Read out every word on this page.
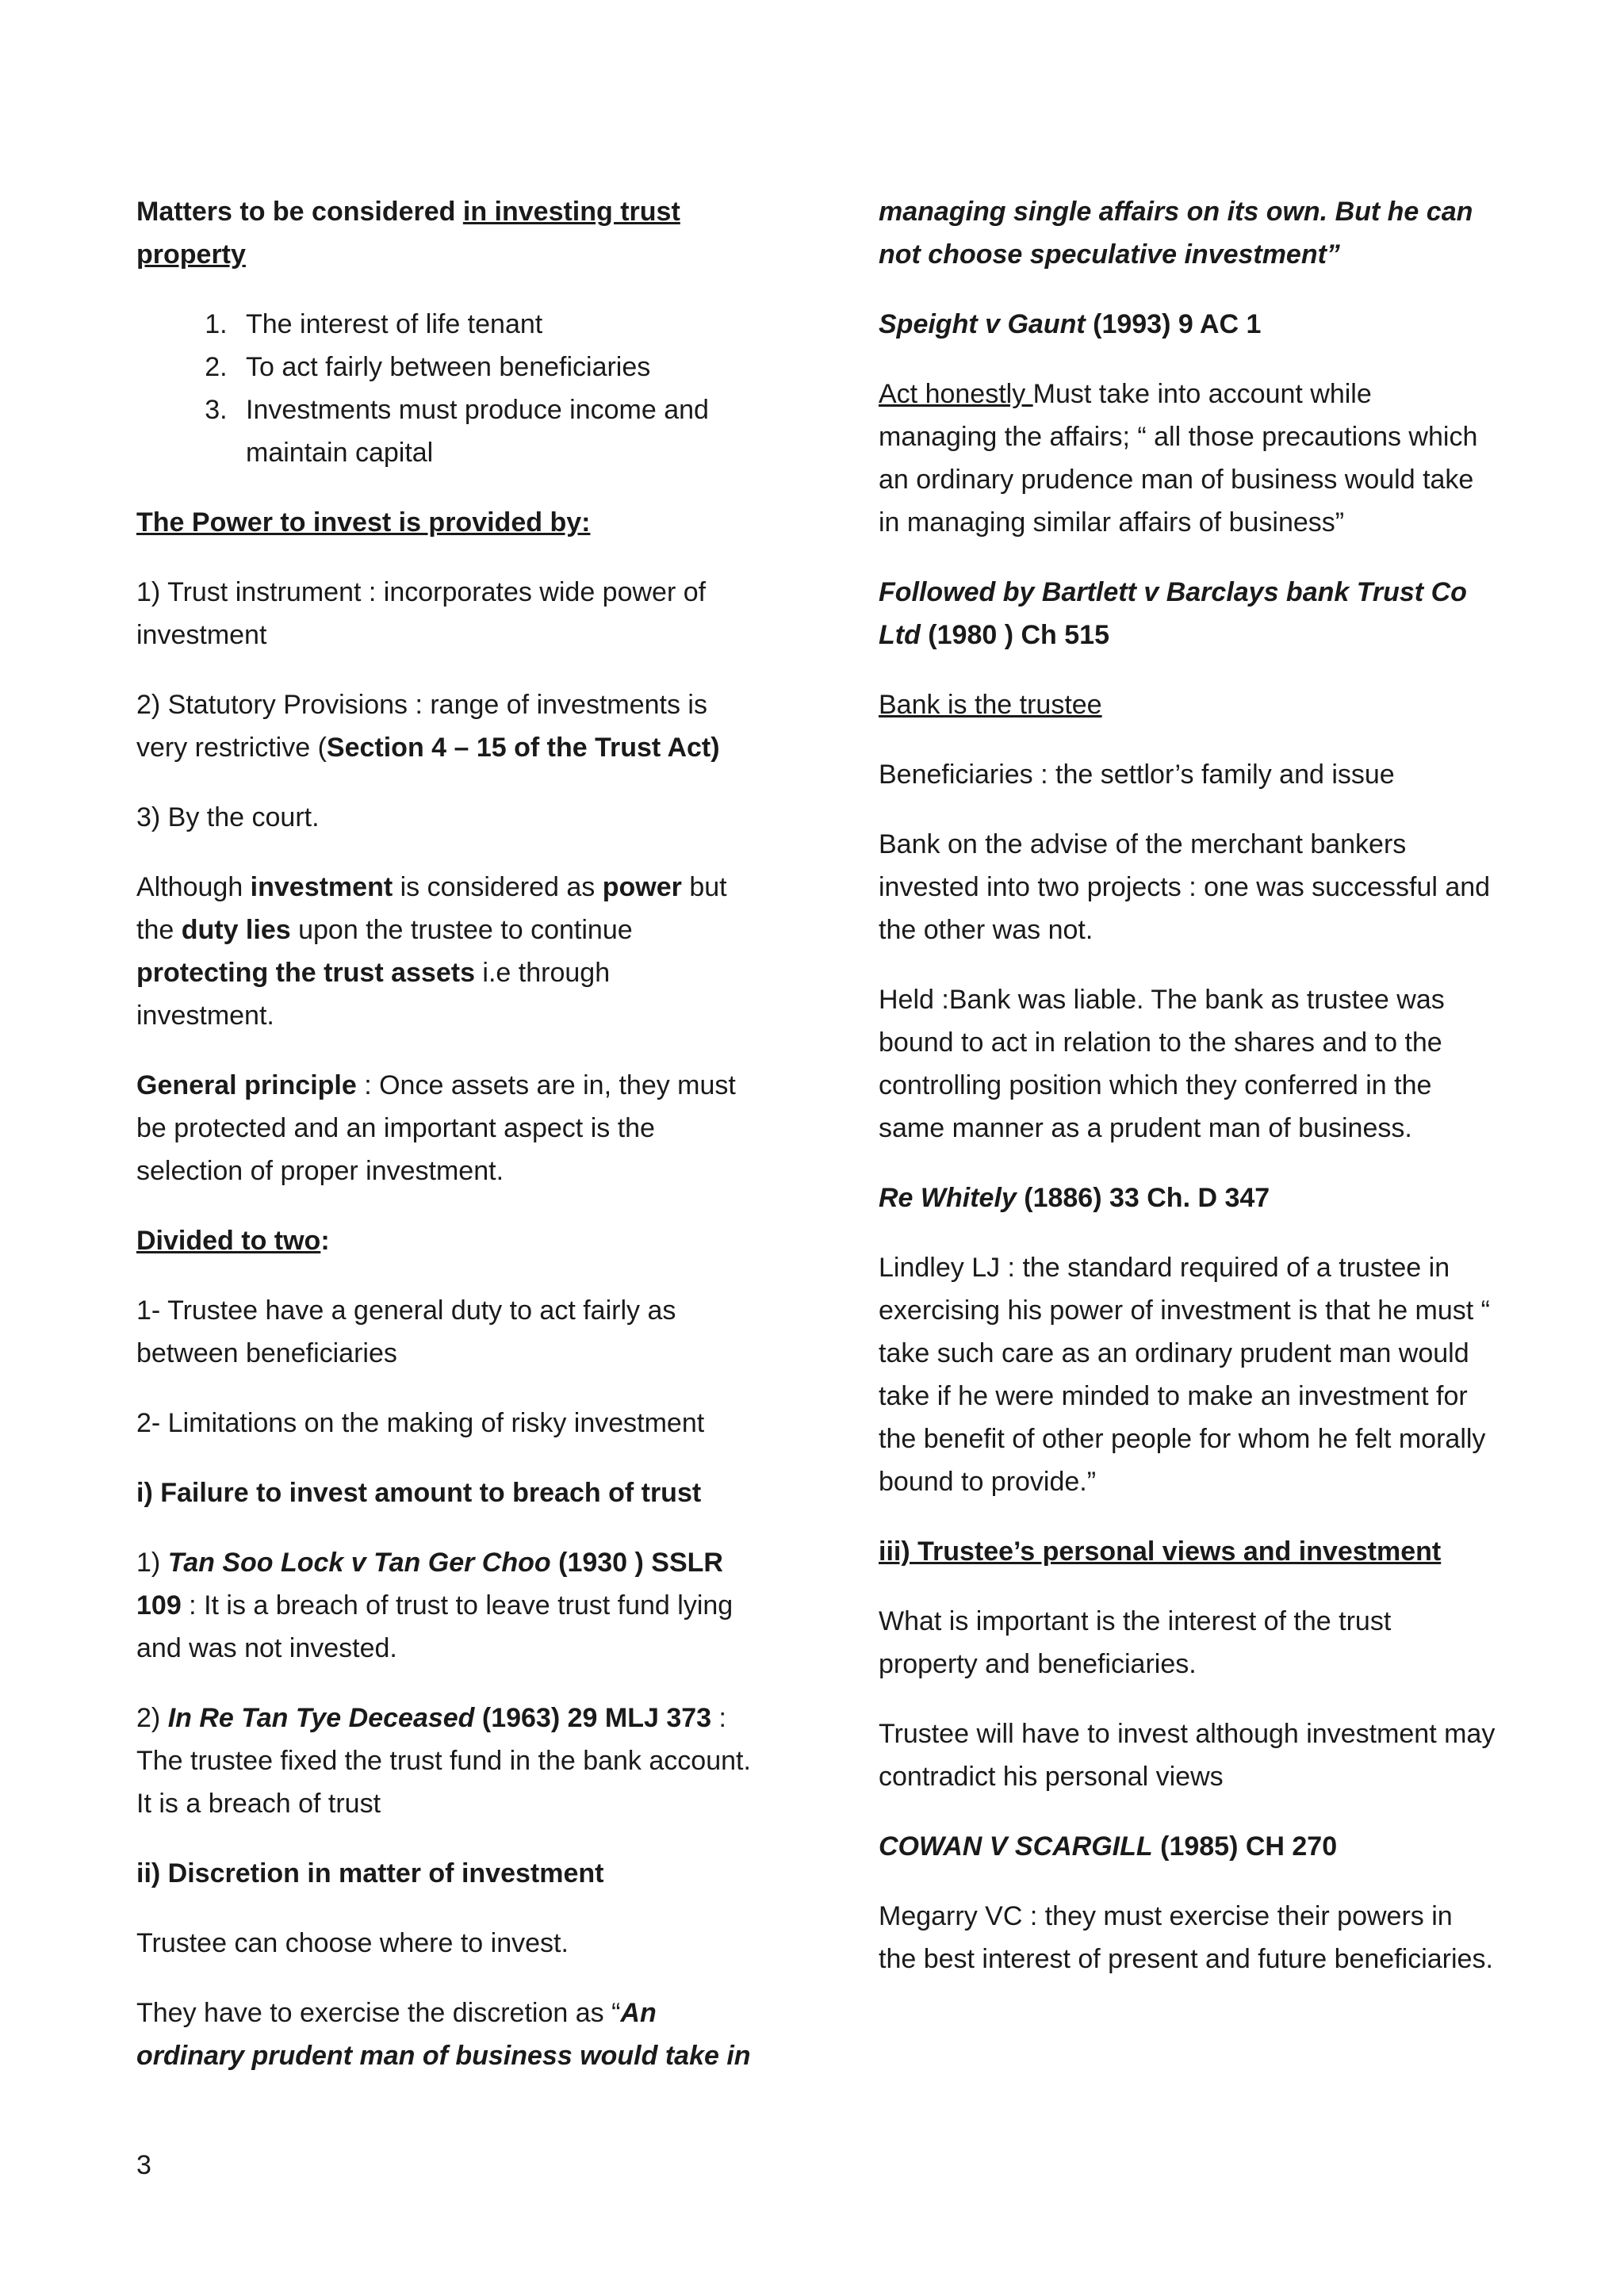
Matters to be considered in investing trust property

1. The interest of life tenant
2. To act fairly between beneficiaries
3. Investments must produce income and maintain capital

The Power to invest is provided by:

1) Trust instrument : incorporates wide power of investment

2) Statutory Provisions : range of investments is very restrictive (Section 4 – 15 of the Trust Act)

3) By the court.

Although investment is considered as power but the duty lies upon the trustee to continue protecting the trust assets i.e through investment.

General principle : Once assets are in, they must be protected and an important aspect is the selection of proper investment.

Divided to two:

1- Trustee have a general duty to act fairly as between beneficiaries

2- Limitations on the making of risky investment

i) Failure to invest amount to breach of trust

1) Tan Soo Lock v Tan Ger Choo (1930 ) SSLR 109 : It is a breach of trust to leave trust fund lying and was not invested.

2) In Re Tan Tye Deceased (1963) 29 MLJ 373 : The trustee fixed the trust fund in the bank account. It is a breach of trust

ii) Discretion in matter of investment

Trustee can choose where to invest.

They have to exercise the discretion as “An ordinary prudent man of business would take in

managing single affairs on its own. But he can not choose speculative investment”

Speight v Gaunt (1993) 9 AC 1

Act honestly Must take into account while managing the affairs; “ all those precautions which an ordinary prudence man of business would take in managing similar affairs of business”

Followed by Bartlett v Barclays bank Trust Co Ltd (1980 ) Ch 515

Bank is the trustee

Beneficiaries : the settlor’s family and issue

Bank on the advise of the merchant bankers invested into two projects : one was successful and the other was not.

Held :Bank was liable. The bank as trustee was bound to act in relation to the shares and to the controlling position which they conferred in the same manner as a prudent man of business.

Re Whitely (1886) 33 Ch. D 347

Lindley LJ : the standard required of a trustee in exercising his power of investment is that he must “ take such care as an ordinary prudent man would take if he were minded to make an investment for the benefit of other people for whom he felt morally bound to provide.”

iii) Trustee’s personal views and investment

What is important is the interest of the trust property and beneficiaries.

Trustee will have to invest although investment may contradict his personal views

COWAN V SCARGILL (1985) CH 270

Megarry VC : they must exercise their powers in the best interest of present and future beneficiaries.

3
